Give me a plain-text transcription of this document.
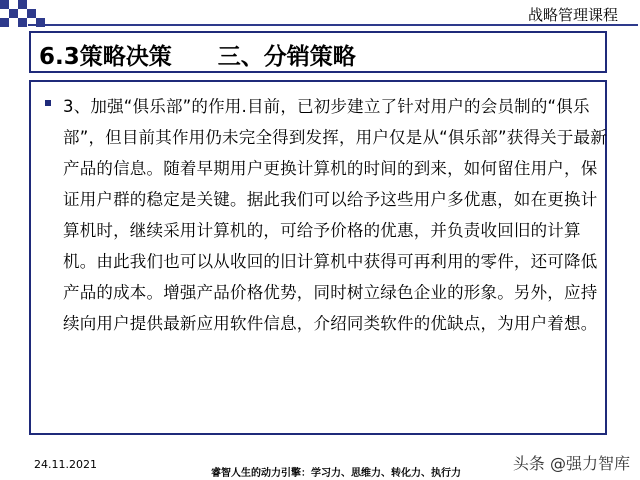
战略管理课程
6.3策略决策　　三、分销策略
3、加强“俱乐部”的作用.目前，已初步建立了针对用户的会员制的“俱乐部”，但目前其作用仍未完全得到发挥，用户仅是从“俱乐部”获得关于最新产品的信息。随着早期用户更换计算机的时间的到来，如何留住用户，保证用户群的稳定是关键。据此我们可以给予这些用户多优惠，如在更换计算机时，继续采用计算机的，可给予价格的优惠，并负责收回旧的计算机。由此我们也可以从收回的旧计算机中获得可再利用的零件，还可降低产品的成本。增强产品价格优势，同时树立绿色企业的形象。另外，应持续向用户提供最新应用软件信息，介绍同类软件的优缺点，为用户着想。
24.11.2021
睿智人生的动力引擎：学习力、思维力、转化力、执行力
头条 @强力智库
